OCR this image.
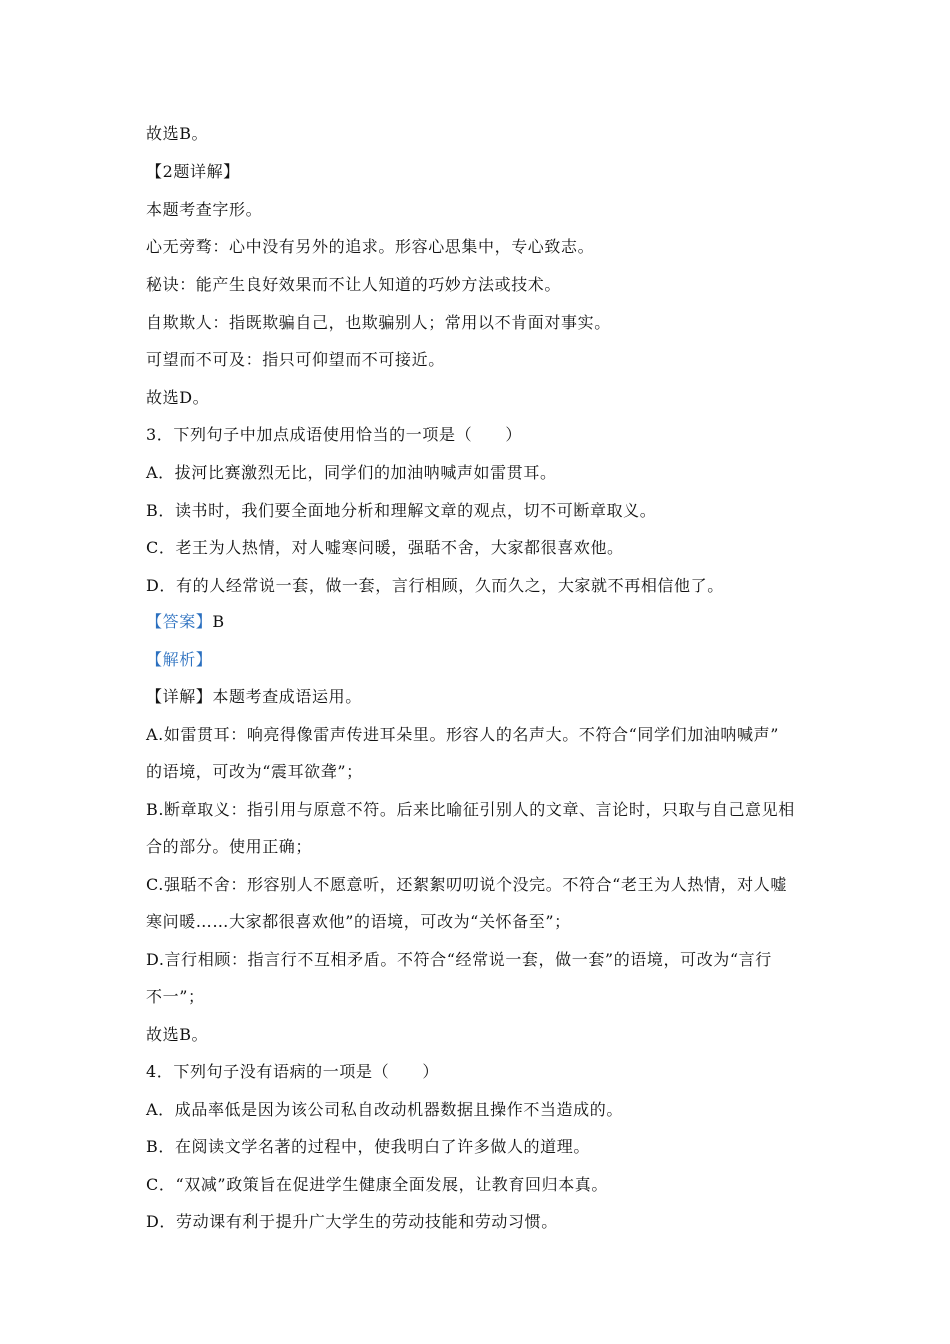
故选B。
【2题详解】
本题考查字形。
心无旁骛：心中没有另外的追求。形容心思集中，专心致志。
秘诀：能产生良好效果而不让人知道的巧妙方法或技术。
自欺欺人：指既欺骗自己，也欺骗别人；常用以不肯面对事实。
可望而不可及：指只可仰望而不可接近。
故选D。
3．下列句子中加点成语使用恰当的一项是（　　）
A．拔河比赛激烈无比，同学们的加油呐喊声如雷贯耳。
B．读书时，我们要全面地分析和理解文章的观点，切不可断章取义。
C．老王为人热情，对人嘘寒问暖，强聒不舍，大家都很喜欢他。
D．有的人经常说一套，做一套，言行相顾，久而久之，大家就不再相信他了。
【答案】B
【解析】
【详解】本题考查成语运用。
A.如雷贯耳：响亮得像雷声传进耳朵里。形容人的名声大。不符合“同学们加油呐喊声”
的语境，可改为“震耳欲聋”；
B.断章取义：指引用与原意不符。后来比喻征引别人的文章、言论时，只取与自己意见相
合的部分。使用正确；
C.强聒不舍：形容别人不愿意听，还絮絮叨叨说个没完。不符合“老王为人热情，对人嘘
寒问暖……大家都很喜欢他”的语境，可改为“关怀备至”；
D.言行相顾：指言行不互相矛盾。不符合“经常说一套，做一套”的语境，可改为“言行
不一”；
故选B。
4．下列句子没有语病的一项是（　　）
A．成品率低是因为该公司私自改动机器数据且操作不当造成的。
B．在阅读文学名著的过程中，使我明白了许多做人的道理。
C．“双减”政策旨在促进学生健康全面发展，让教育回归本真。
D．劳动课有利于提升广大学生的劳动技能和劳动习惯。
